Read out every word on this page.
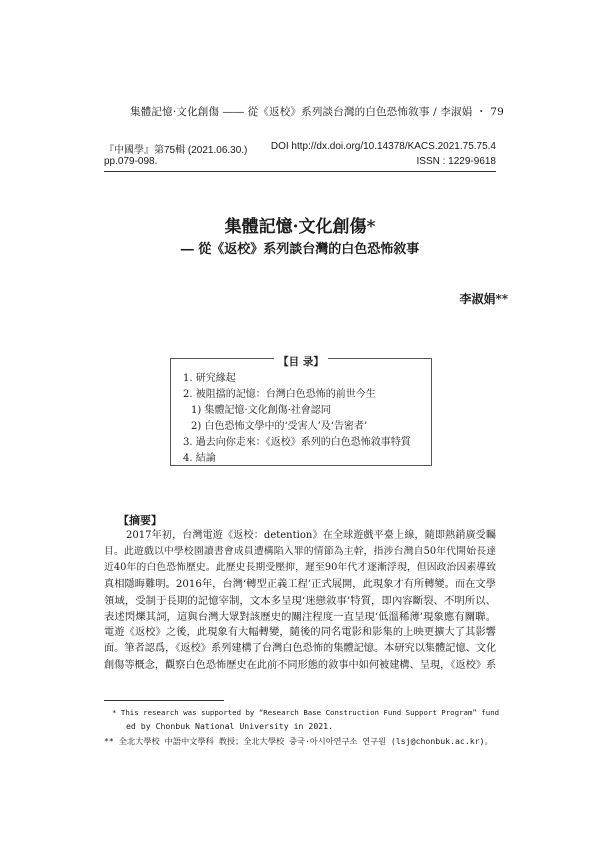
集體記憶·文化創傷 ―― 從《返校》系列談台灣的白色恐怖敘事 / 李淑娟 ・ 79
『中國學』第75輯 (2021.06.30.) DOI http://dx.doi.org/10.14378/KACS.2021.75.75.4
pp.079-098.	ISSN : 1229-9618
集體記憶·文化創傷*
― 從《返校》系列談台灣的白色恐怖敘事
李淑娟**
【目 录】
1. 研究緣起
2. 被阻擋的記憶：台灣白色恐怖的前世今生
1) 集體記憶·文化創傷·社會認同
2) 白色恐怖文學中的‘受害人’及‘告密者’
3. 過去向你走來：《返校》系列的白色恐怖敘事特質
4. 結論
【摘要】
2017年初，台灣電遊《返校：detention》在全球遊戲平臺上線，隨即熱銷廣受矚
目。此遊戲以中學校園讀書會成員遭構陷入罪的情節為主幹，指涉台灣自50年代開始長達
近40年的白色恐怖歷史。此歷史長期受壓抑，遲至90年代才逐漸浮現，但因政治因素導致
真相隱晦難明。2016年，台灣‘轉型正義工程’正式展開，此現象才有所轉變。而在文學
領域，受制于長期的記憶宰制，文本多呈現‘迷戀敘事’特質，即內容斷裂、不明所以、
表述閃爍其詞，這與台灣大眾對該歷史的關注程度一直呈現‘低溫稀薄’現象應有關聯。
電遊《返校》之後，此現象有大幅轉變，隨後的同名電影和影集的上映更擴大了其影響
面。筆者認爲，《返校》系列建構了台灣白色恐怖的集體記憶。本研究以集體記憶、文化
創傷等概念，觀察白色恐怖歷史在此前不同形態的敘事中如何被建構、呈現，《返校》系
* This research was supported by “Research Base Construction Fund Support Program” fund
ed by Chonbuk National University in 2021.
** 全北大學校 中語中文學科 教授；全北大學校 중국·아시아연구소 연구원 (lsj@chonbuk.ac.kr)。
